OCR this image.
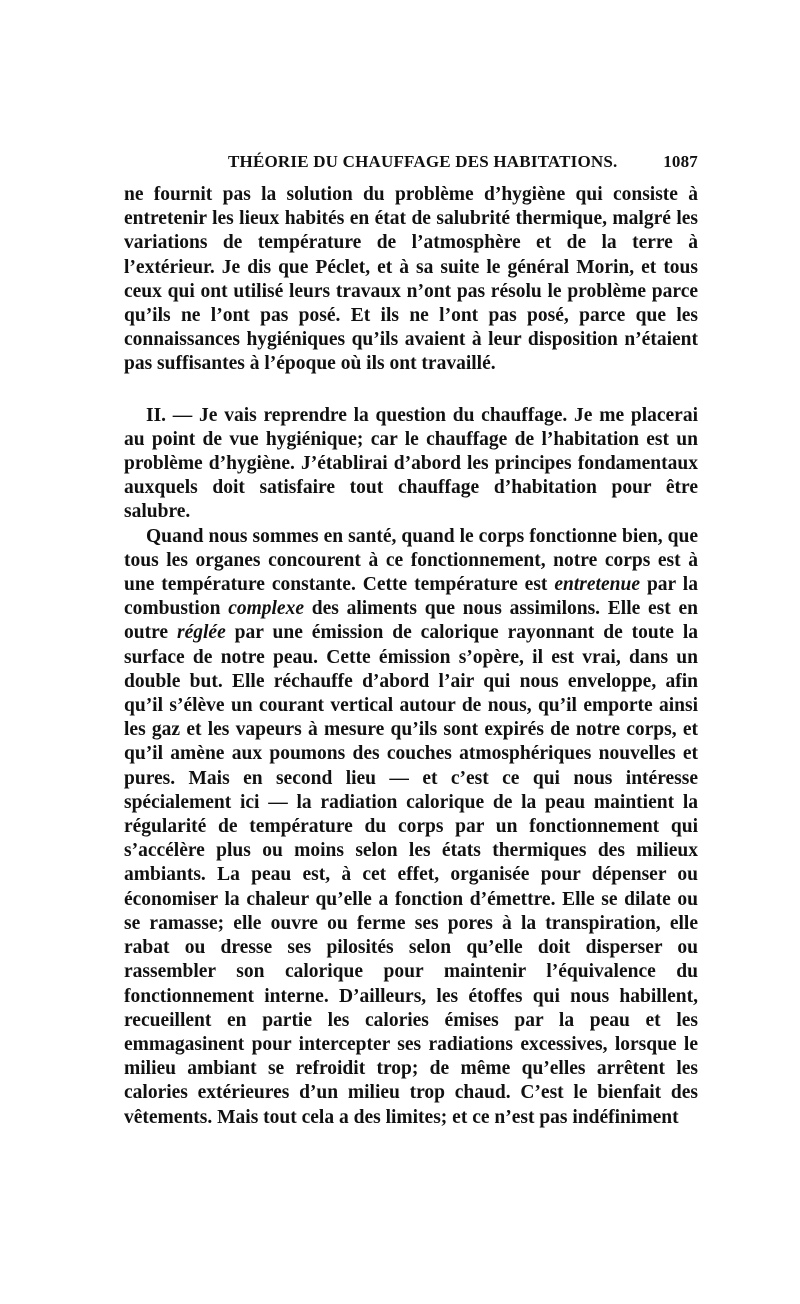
THÉORIE DU CHAUFFAGE DES HABITATIONS.	1087

ne fournit pas la solution du problème d’hygiène qui consiste à entretenir les lieux habités en état de salubrité thermique, malgré les variations de température de l’atmosphère et de la terre à l’extérieur. Je dis que Péclet, et à sa suite le général Morin, et tous ceux qui ont utilisé leurs travaux n’ont pas résolu le problème parce qu’ils ne l’ont pas posé. Et ils ne l’ont pas posé, parce que les connaissances hygiéniques qu’ils avaient à leur disposition n’étaient pas suffisantes à l’époque où ils ont travaillé.

II. — Je vais reprendre la question du chauffage. Je me placerai au point de vue hygiénique; car le chauffage de l’habitation est un problème d’hygiène. J’établirai d’abord les principes fondamentaux auxquels doit satisfaire tout chauffage d’habitation pour être salubre.

Quand nous sommes en santé, quand le corps fonctionne bien, que tous les organes concourent à ce fonctionnement, notre corps est à une température constante. Cette température est entretenue par la combustion complexe des aliments que nous assimilons. Elle est en outre réglée par une émission de calorique rayonnant de toute la surface de notre peau. Cette émission s’opère, il est vrai, dans un double but. Elle réchauffe d’abord l’air qui nous enveloppe, afin qu’il s’élève un courant vertical autour de nous, qu’il emporte ainsi les gaz et les vapeurs à mesure qu’ils sont expirés de notre corps, et qu’il amène aux poumons des couches atmosphériques nouvelles et pures. Mais en second lieu — et c’est ce qui nous intéresse spécialement ici — la radiation calorique de la peau maintient la régularité de température du corps par un fonctionnement qui s’accélère plus ou moins selon les états thermiques des milieux ambiants. La peau est, à cet effet, organisée pour dépenser ou économiser la chaleur qu’elle a fonction d’émettre. Elle se dilate ou se ramasse; elle ouvre ou ferme ses pores à la transpiration, elle rabat ou dresse ses pilosités selon qu’elle doit disperser ou rassembler son calorique pour maintenir l’équivalence du fonctionnement interne. D’ailleurs, les étoffes qui nous habillent, recueillent en partie les calories émises par la peau et les emmagasinent pour intercepter ses radiations excessives, lorsque le milieu ambiant se refroidit trop; de même qu’elles arrêtent les calories extérieures d’un milieu trop chaud. C’est le bienfait des vêtements. Mais tout cela a des limites; et ce n’est pas indéfiniment
